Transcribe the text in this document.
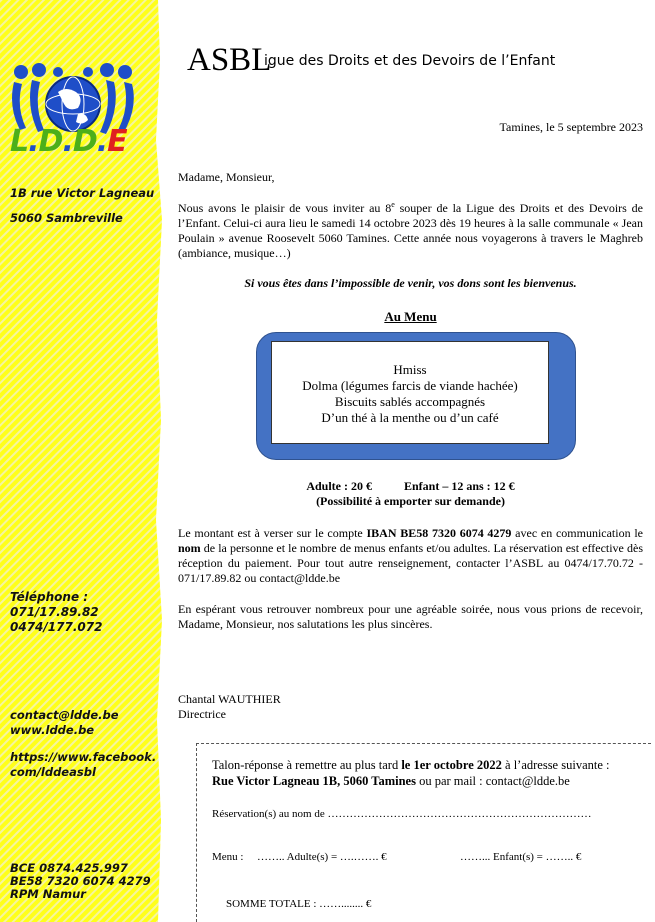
L.D.D.E
1B rue Victor Lagneau
5060 Sambreville
Téléphone :
071/17.89.82
0474/177.072
contact@ldde.be
www.ldde.be
https://www.facebook.
com/lddeasbl
BCE 0874.425.997
BE58 7320 6074 4279
RPM Namur
ASBL
igue des Droits et des Devoirs de l’Enfant
Tamines, le 5 septembre 2023
Madame, Monsieur,
Nous avons le plaisir de vous inviter au 8e souper de la Ligue des Droits et des Devoirs de l’Enfant. Celui-ci aura lieu le samedi 14 octobre 2023 dès 19 heures à la salle communale « Jean Poulain » avenue Roosevelt 5060 Tamines. Cette année nous voyagerons à travers le Maghreb (ambiance, musique…)
Si vous êtes dans l’impossible de venir, vos dons sont les bienvenus.
Au Menu
Hmiss
Dolma (légumes farcis de viande hachée)
Biscuits sablés accompagnés
D’un thé à la menthe ou d’un café
Adulte : 20 €	Enfant – 12 ans : 12 €
(Possibilité à emporter sur demande)
Le montant est à verser sur le compte IBAN BE58 7320 6074 4279 avec en communication le nom de la personne et le nombre de menus enfants et/ou adultes. La réservation est effective dès réception du paiement. Pour tout autre renseignement, contacter l’ASBL au 0474/17.70.72 - 071/17.89.82 ou contact@ldde.be
En espérant vous retrouver nombreux pour une agréable soirée, nous vous prions de recevoir, Madame, Monsieur, nos salutations les plus sincères.
Chantal WAUTHIER
Directrice
Talon-réponse à remettre au plus tard le 1er octobre 2022 à l’adresse suivante :
Rue Victor Lagneau 1B, 5060 Tamines ou par mail : contact@ldde.be
Réservation(s) au nom de ………………………………………………………………
Menu : …….. Adulte(s) = ….……. €	……... Enfant(s) = …….. €
SOMME TOTALE : ……........ €
